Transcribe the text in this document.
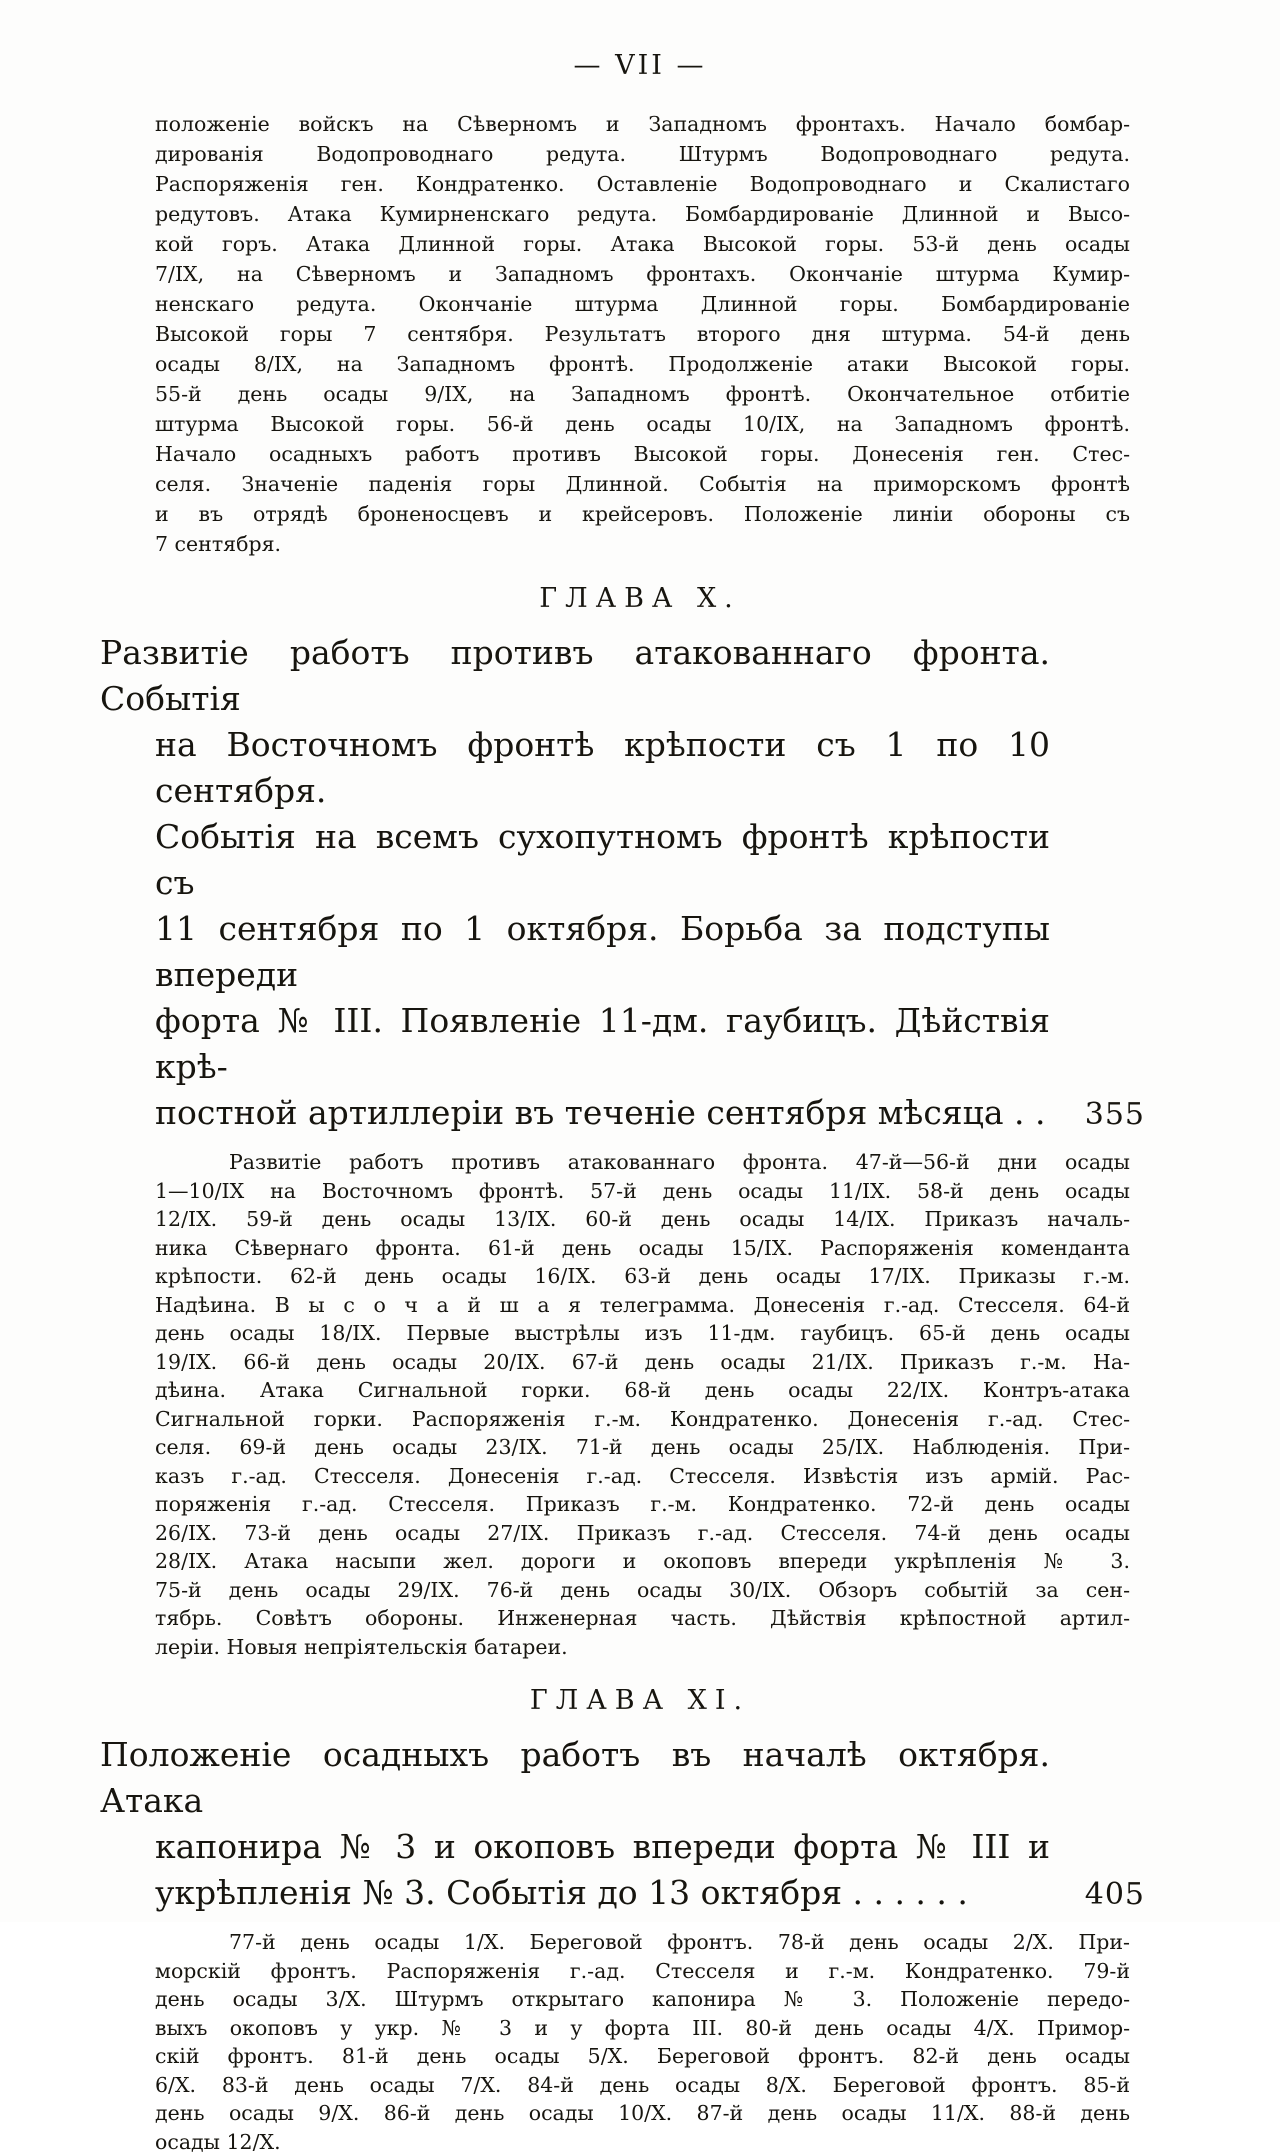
— VII —
положеніе войскъ на Сѣверномъ и Западномъ фронтахъ. Начало бомбар-
дированія Водопроводнаго редута. Штурмъ Водопроводнаго редута.
Распоряженія ген. Кондратенко. Оставленіе Водопроводнаго и Скалистаго
редутовъ. Атака Кумирненскаго редута. Бомбардированіе Длинной и Высо-
кой горъ. Атака Длинной горы. Атака Высокой горы. 53-й день осады
7/IX, на Сѣверномъ и Западномъ фронтахъ. Окончаніе штурма Кумир-
ненскаго редута. Окончаніе штурма Длинной горы. Бомбардированіе
Высокой горы 7 сентября. Результатъ второго дня штурма. 54-й день
осады 8/IX, на Западномъ фронтѣ. Продолженіе атаки Высокой горы.
55-й день осады 9/IX, на Западномъ фронтѣ. Окончательное отбитіе
штурма Высокой горы. 56-й день осады 10/IX, на Западномъ фронтѣ.
Начало осадныхъ работъ противъ Высокой горы. Донесенія ген. Стес-
селя. Значеніе паденія горы Длинной. Событія на приморскомъ фронтѣ
и въ отрядѣ броненосцевъ и крейсеровъ. Положеніе линіи обороны съ
7 сентября.
ГЛАВА X.
Развитіе работъ противъ атакованнаго фронта. Событія
на Восточномъ фронтѣ крѣпости съ 1 по 10 сентября.
Событія на всемъ сухопутномъ фронтѣ крѣпости съ
11 сентября по 1 октября. Борьба за подступы впереди
форта № III. Появленіе 11-дм. гаубицъ. Дѣйствія крѣ-
постной артиллеріи въ теченіе сентября мѣсяца . . 355
Развитіе работъ противъ атакованнаго фронта. 47-й—56-й дни осады
1—10/IX на Восточномъ фронтѣ. 57-й день осады 11/IX. 58-й день осады
12/IX. 59-й день осады 13/IX. 60-й день осады 14/IX. Приказъ началь-
ника Сѣвернаго фронта. 61-й день осады 15/IX. Распоряженія коменданта
крѣпости. 62-й день осады 16/IX. 63-й день осады 17/IX. Приказы г.-м.
Надѣина. В ы с о ч а й ш а я телеграмма. Донесенія г.-ад. Стесселя. 64-й
день осады 18/IX. Первые выстрѣлы изъ 11-дм. гаубицъ. 65-й день осады
19/IX. 66-й день осады 20/IX. 67-й день осады 21/IX. Приказъ г.-м. На-
дѣина. Атака Сигнальной горки. 68-й день осады 22/IX. Контръ-атака
Сигнальной горки. Распоряженія г.-м. Кондратенко. Донесенія г.-ад. Стес-
селя. 69-й день осады 23/IX. 71-й день осады 25/IX. Наблюденія. При-
казъ г.-ад. Стесселя. Донесенія г.-ад. Стесселя. Извѣстія изъ армій. Рас-
поряженія г.-ад. Стесселя. Приказъ г.-м. Кондратенко. 72-й день осады
26/IX. 73-й день осады 27/IX. Приказъ г.-ад. Стесселя. 74-й день осады
28/IX. Атака насыпи жел. дороги и окоповъ впереди укрѣпленія № 3.
75-й день осады 29/IX. 76-й день осады 30/IX. Обзоръ событій за сен-
тябрь. Совѣтъ обороны. Инженерная часть. Дѣйствія крѣпостной артил-
леріи. Новыя непріятельскія батареи.
ГЛАВА XI.
Положеніе осадныхъ работъ въ началѣ октября. Атака
капонира № 3 и окоповъ впереди форта № III и
укрѣпленія № 3. Событія до 13 октября . . . . . .	405
77-й день осады 1/X. Береговой фронтъ. 78-й день осады 2/X. При-
морскій фронтъ. Распоряженія г.-ад. Стесселя и г.-м. Кондратенко. 79-й
день осады 3/X. Штурмъ открытаго капонира № 3. Положеніе передо-
выхъ окоповъ у укр. № 3 и у форта III. 80-й день осады 4/X. Примор-
скій фронтъ. 81-й день осады 5/X. Береговой фронтъ. 82-й день осады
6/X. 83-й день осады 7/X. 84-й день осады 8/X. Береговой фронтъ. 85-й
день осады 9/X. 86-й день осады 10/X. 87-й день осады 11/X. 88-й день
осады 12/X.
